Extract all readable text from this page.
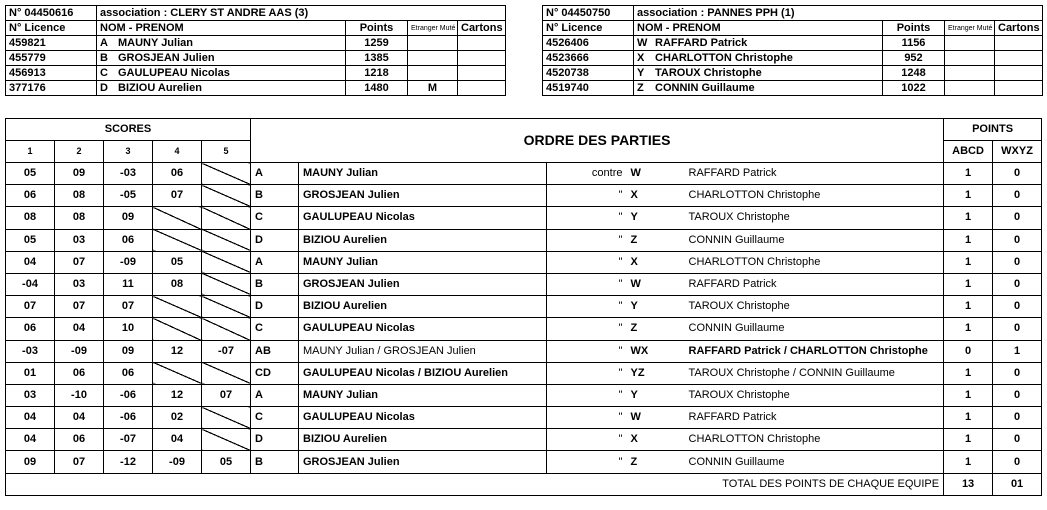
N° 04450616	association : CLERY ST ANDRE AAS (3)			
N° Licence	NOM - PRENOM	Points	Etranger Muté	Cartons
459821	A MAUNY Julian	1259		
455779	B GROSJEAN Julien	1385		
456913	C GAULUPEAU Nicolas	1218		
377176	D BIZIOU Aurelien	1480	M	
N° 04450750	association : PANNES PPH (1)			
N° Licence	NOM - PRENOM	Points	Etranger Muté	Cartons
4526406	W RAFFARD Patrick	1156		
4523666	X CHARLOTTON Christophe	952		
4520738	Y TAROUX Christophe	1248		
4519740	Z CONNIN Guillaume	1022		
SCORES					ORDRE DES PARTIES					POINTS	
1	2	3	4	5						ABCD	WXYZ
05	09	-03	06		A	MAUNY Julian	contre	W	RAFFARD Patrick	1	0
06	08	-05	07		B	GROSJEAN Julien	"	X	CHARLOTTON Christophe	1	0
08	08	09			C	GAULUPEAU Nicolas	"	Y	TAROUX Christophe	1	0
05	03	06			D	BIZIOU Aurelien	"	Z	CONNIN Guillaume	1	0
04	07	-09	05		A	MAUNY Julian	"	X	CHARLOTTON Christophe	1	0
-04	03	11	08		B	GROSJEAN Julien	"	W	RAFFARD Patrick	1	0
07	07	07			D	BIZIOU Aurelien	"	Y	TAROUX Christophe	1	0
06	04	10			C	GAULUPEAU Nicolas	"	Z	CONNIN Guillaume	1	0
-03	-09	09	12	-07	AB	MAUNY Julian / GROSJEAN Julien	"	WX	RAFFARD Patrick / CHARLOTTON Christophe	0	1
01	06	06			CD	GAULUPEAU Nicolas / BIZIOU Aurelien	"	YZ	TAROUX Christophe / CONNIN Guillaume	1	0
03	-10	-06	12	07	A	MAUNY Julian	"	Y	TAROUX Christophe	1	0
04	04	-06	02		C	GAULUPEAU Nicolas	"	W	RAFFARD Patrick	1	0
04	06	-07	04		D	BIZIOU Aurelien	"	X	CHARLOTTON Christophe	1	0
09	07	-12	-09	05	B	GROSJEAN Julien	"	Z	CONNIN Guillaume	1	0
TOTAL DES POINTS DE CHAQUE EQUIPE										13	01
